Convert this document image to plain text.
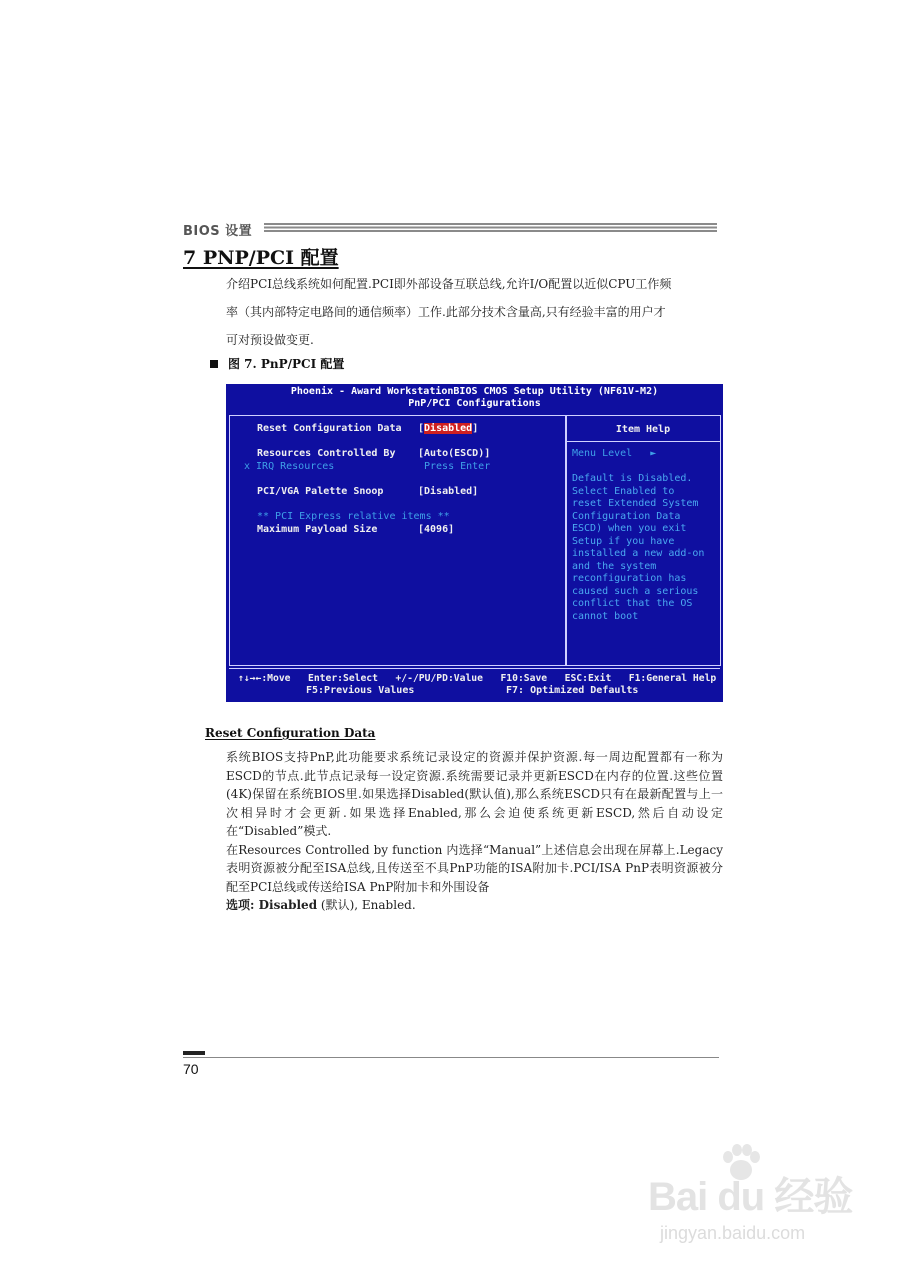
BIOS 设置
7 PNP/PCI 配置
介绍PCI总线系统如何配置.PCI即外部设备互联总线,允许I/O配置以近似CPU工作频
率（其内部特定电路间的通信频率）工作.此部分技术含量高,只有经验丰富的用户才
可对预设做变更.
图 7. PnP/PCI 配置
Phoenix - Award WorkstationBIOS CMOS Setup Utility (NF61V-M2)
PnP/PCI Configurations
Reset Configuration Data [Disabled]
Resources Controlled By [Auto(ESCD)]
x IRQ Resources	Press Enter
PCI/VGA Palette Snoop	[Disabled]
** PCI Express relative items **
Maximum Payload Size	[4096]
Item Help
Menu Level   ►
Default is Disabled.
Select Enabled to
reset Extended System
Configuration Data
ESCD) when you exit
Setup if you have
installed a new add-on
and the system
reconfiguration has
caused such a serious
conflict that the OS
cannot boot
↑↓→←:Move   Enter:Select   +/-/PU/PD:Value   F10:Save   ESC:Exit   F1:General Help
F5:Previous Values	F7: Optimized Defaults
Reset Configuration Data

系统BIOS支持PnP,此功能要求系统记录设定的资源并保护资源.每一周边配置都有一称为ESCD的节点.此节点记录每一设定资源.系统需要记录并更新ESCD在内存的位置.这些位置(4K)保留在系统BIOS里.如果选择Disabled(默认值),那么系统ESCD只有在最新配置与上一次相异时才会更新.如果选择Enabled,那么会迫使系统更新ESCD,然后自动设定在“Disabled”模式.

在Resources Controlled by function 内选择“Manual”上述信息会出现在屏幕上.Legacy表明资源被分配至ISA总线,且传送至不具PnP功能的ISA附加卡.PCI/ISA PnP表明资源被分配至PCI总线或传送给ISA PnP附加卡和外围设备

选项: Disabled (默认), Enabled.

70
Bai du 经验
jingyan.baidu.com
